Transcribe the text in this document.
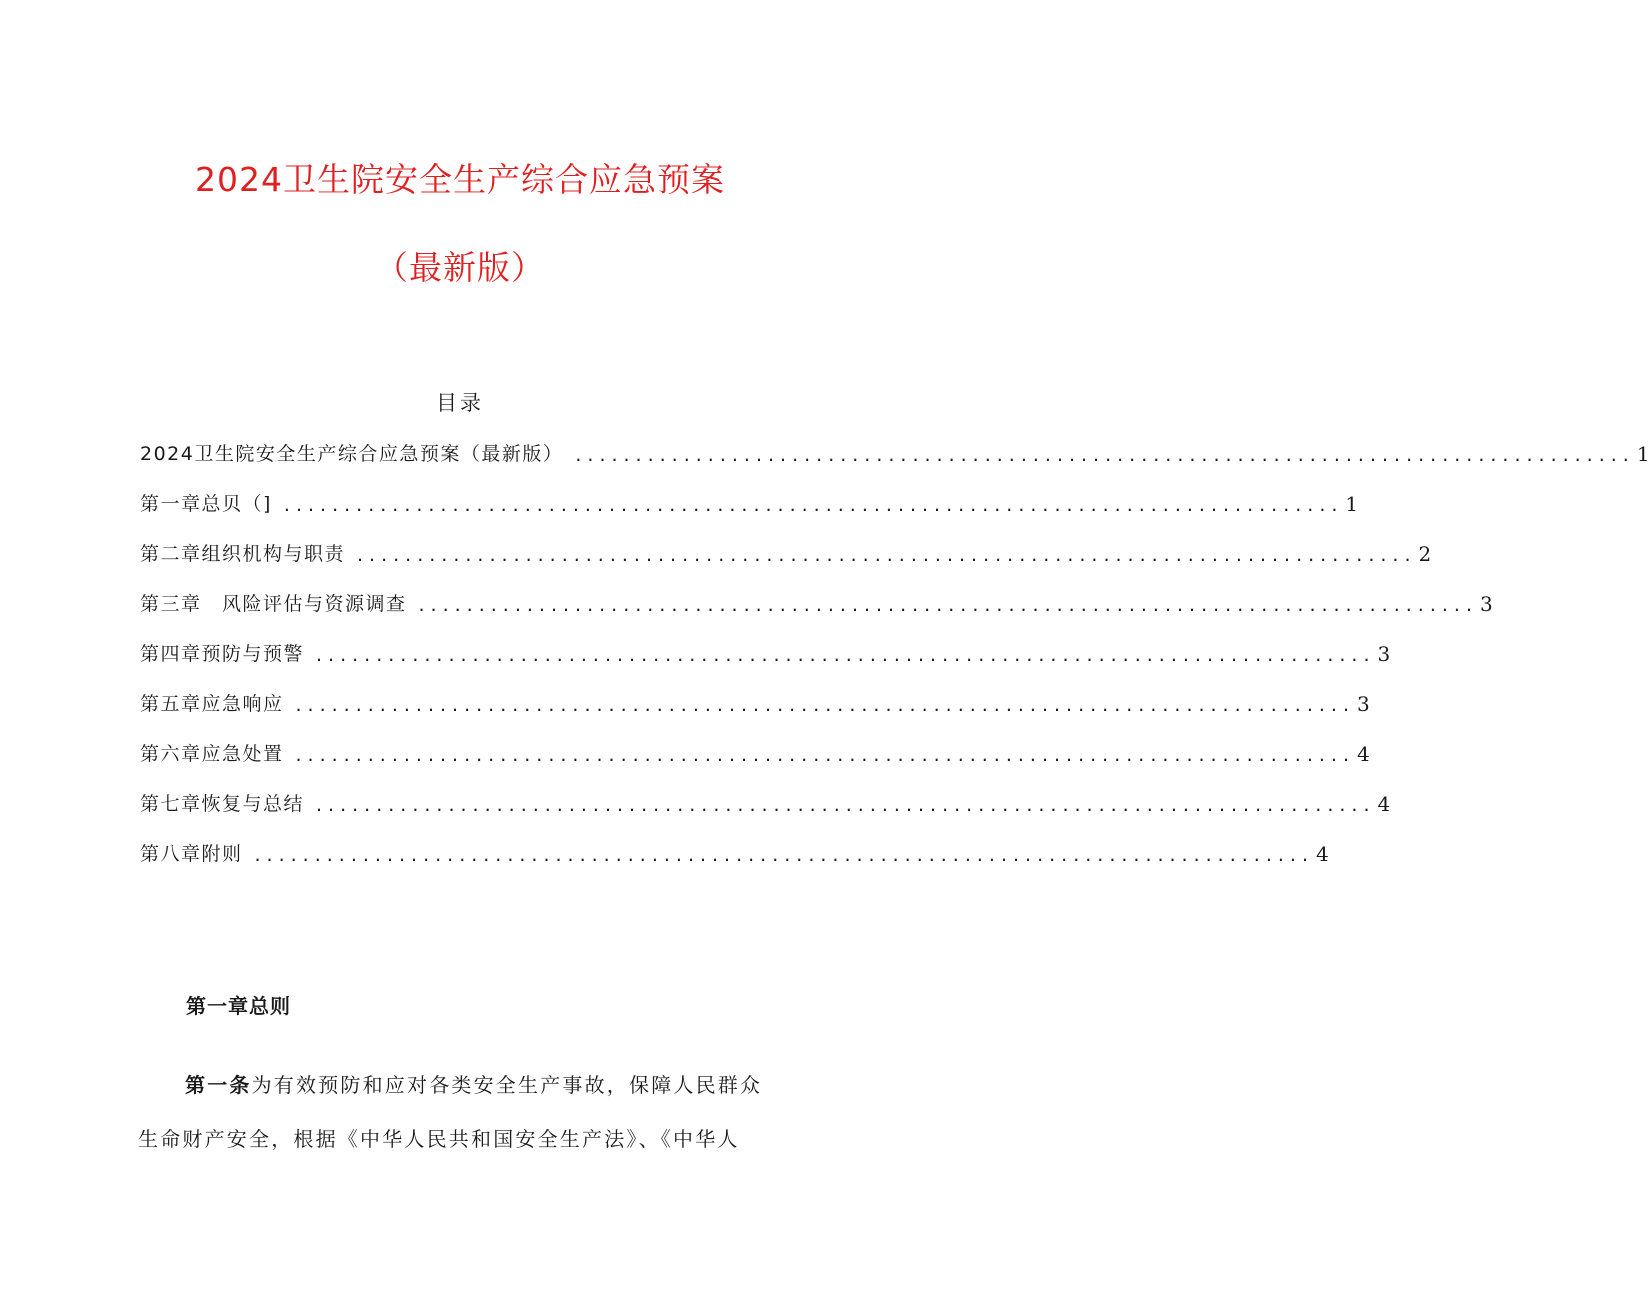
2024卫生院安全生产综合应急预案
（最新版）
目录
2024卫生院安全生产综合应急预案（最新版） ........................................................................................ 1
第一章总贝（] ........................................................................................ 1
第二章组织机构与职责 ........................................................................................ 2
第三章　风险评估与资源调查 ........................................................................................ 3
第四章预防与预警 ........................................................................................ 3
第五章应急响应 ........................................................................................ 3
第六章应急处置 ........................................................................................ 4
第七章恢复与总结 ........................................................................................ 4
第八章附则 ........................................................................................ 4
第一章总则
第一条为有效预防和应对各类安全生产事故，保障人民群众
生命财产安全，根据《中华人民共和国安全生产法》、《中华人
